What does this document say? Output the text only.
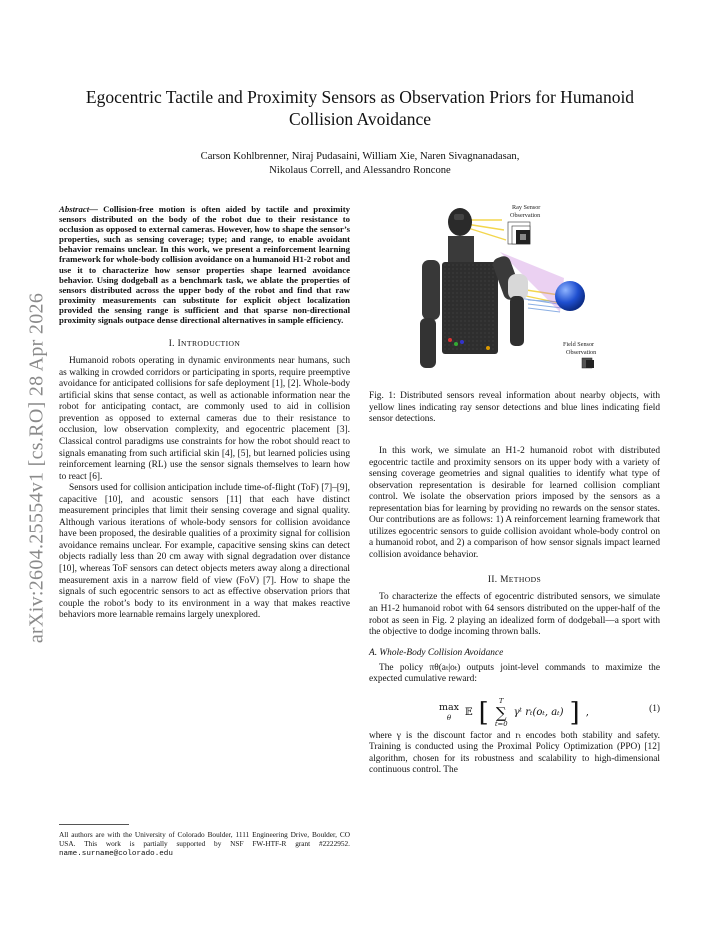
arXiv:2604.25554v1 [cs.RO] 28 Apr 2026
Egocentric Tactile and Proximity Sensors as Observation Priors for Humanoid Collision Avoidance
Carson Kohlbrenner, Niraj Pudasaini, William Xie, Naren Sivagnanadasan,
Nikolaus Correll, and Alessandro Roncone

Abstract— Collision-free motion is often aided by tactile and proximity sensors distributed on the body of the robot due to their resistance to occlusion as opposed to external cameras. However, how to shape the sensor’s properties, such as sensing coverage; type; and range, to enable avoidant behavior remains unclear. In this work, we present a reinforcement learning framework for whole-body collision avoidance on a humanoid H1-2 robot and use it to characterize how sensor properties shape learned avoidance behavior. Using dodgeball as a benchmark task, we ablate the properties of sensors distributed across the upper body of the robot and find that raw proximity measurements can substitute for explicit object localization provided the sensing range is sufficient and that sparse non-directional proximity signals outpace dense directional alternatives in sample efficiency.

I. INTRODUCTION

Humanoid robots operating in dynamic environments near humans, such as walking in crowded corridors or participating in sports, require preemptive avoidance for anticipated collisions for safe deployment [1], [2]. Whole-body artificial skins that sense contact, as well as actionable information near the robot for anticipating contact, are commonly used to aid in collision prevention as opposed to external cameras due to their resistance to occlusion, low observation complexity, and egocentric placement [3]. Classical control paradigms use constraints for how the robot should react to signals emanating from such artificial skin [4], [5], but learned policies using reinforcement learning (RL) use the sensor signals themselves to learn how to react [6].

Sensors used for collision anticipation include time-of-flight (ToF) [7]–[9], capacitive [10], and acoustic sensors [11] that each have distinct measurement principles that limit their sensing coverage and signal quality. Although various iterations of whole-body sensors for collision avoidance have been proposed, the desirable qualities of a proximity signal for collision avoidance remains unclear. For example, capacitive sensing skins can detect objects radially less than 20 cm away with signal degradation over distance [10], whereas ToF sensors can detect objects meters away along a directional measurement axis in a narrow field of view (FoV) [7]. How to shape the signals of such egocentric sensors to act as effective observation priors that couple the robot’s body to its environment in a way that makes reactive behaviors more learnable remains largely unexplored.

All authors are with the University of Colorado Boulder, 1111 Engineering Drive, Boulder, CO USA. This work is partially supported by NSF FW-HTF-R grant #2222952. name.surname@colorado.edu
Ray Sensor
Observation
Field Sensor
Observation
Fig. 1: Distributed sensors reveal information about nearby objects, with yellow lines indicating ray sensor detections and blue lines indicating field sensor detections.

In this work, we simulate an H1-2 humanoid robot with distributed egocentric tactile and proximity sensors on its upper body with a variety of sensing coverage geometries and signal qualities to identify what type of observation representation is desirable for learned collision compliant control. We isolate the observation priors imposed by the sensors as a representation bias for learning by providing no rewards on the sensor states. Our contributions are as follows: 1) A reinforcement learning framework that utilizes egocentric sensors to guide collision avoidant whole-body control on a humanoid robot, and 2) a comparison of how sensor signals impact learned collision avoidance behavior.

II. METHODS

To characterize the effects of egocentric distributed sensors, we simulate an H1-2 humanoid robot with 64 sensors distributed on the upper-half of the robot as seen in Fig. 2 playing an idealized form of dodgeball—a sport with the objective to dodge incoming thrown balls.

A. Whole-Body Collision Avoidance

The policy πθ(aₜ|oₜ) outputs joint-level commands to maximize the expected cumulative reward:

max
θ 𝔼 [ T
∑
t=0
γᵗ rₜ(oₜ, aₜ) ] ,	(1)

where γ is the discount factor and rₜ encodes both stability and safety. Training is conducted using the Proximal Policy Optimization (PPO) [12] algorithm, chosen for its robustness and scalability to high-dimensional continuous control. The
